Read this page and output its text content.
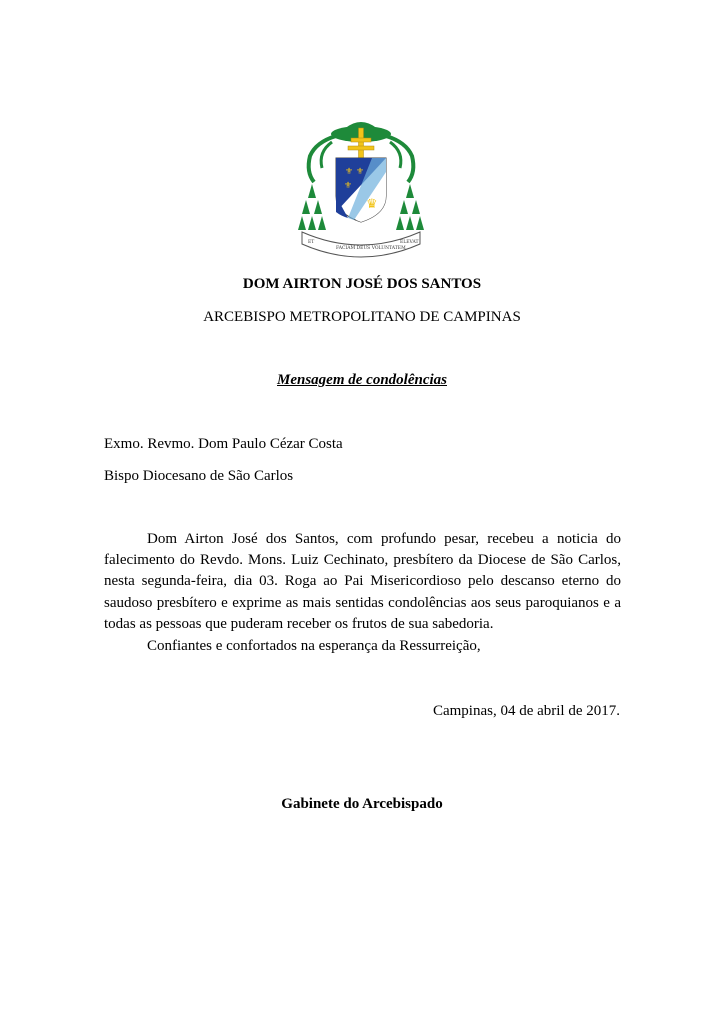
⚜ ⚜
⚜
♛
ET
FACIAM DEUS VOLUNTATEM
ELEVAT
DOM AIRTON JOSÉ DOS SANTOS
ARCEBISPO METROPOLITANO DE CAMPINAS
Mensagem de condolências
Exmo. Revmo. Dom Paulo Cézar Costa
Bispo Diocesano de São Carlos

Dom Airton José dos Santos, com profundo pesar, recebeu a noticia do falecimento do Revdo. Mons. Luiz Cechinato, presbítero da Diocese de São Carlos, nesta segunda-feira, dia 03. Roga ao Pai Misericordioso pelo descanso eterno do saudoso presbítero e exprime as mais sentidas condolências aos seus paroquianos e a todas as pessoas que puderam receber os frutos de sua sabedoria.

Confiantes e confortados na esperança da Ressurreição,
Campinas, 04 de abril de 2017.
Gabinete do Arcebispado
